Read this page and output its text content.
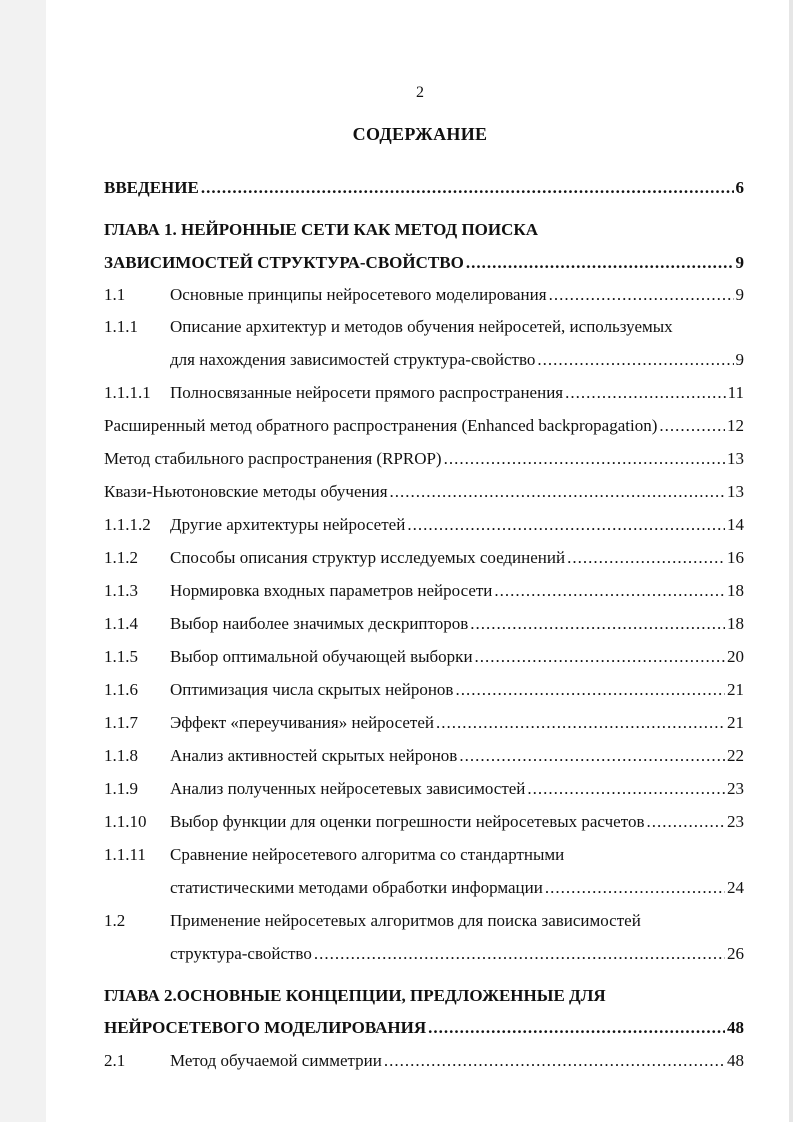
2
СОДЕРЖАНИЕ
ВВЕДЕНИЕ .....	6
ГЛАВА 1. НЕЙРОННЫЕ СЕТИ КАК МЕТОД ПОИСКА
ЗАВИСИМОСТЕЙ СТРУКТУРА-СВОЙСТВО .....	9
1.1	Основные принципы нейросетевого моделирования .....	9
1.1.1	Описание архитектур и методов обучения нейросетей, используемых
для нахождения зависимостей структура-свойство .....	9
1.1.1.1	Полносвязанные нейросети прямого распространения .....	11
Расширенный метод обратного распространения (Enhanced backpropagation) .....	12
Метод стабильного распространения (RPROP) .....	13
Квази-Ньютоновские методы обучения .....	13
1.1.1.2	Другие архитектуры нейросетей .....	14
1.1.2	Способы описания структур исследуемых соединений .....	16
1.1.3	Нормировка входных параметров нейросети .....	18
1.1.4	Выбор наиболее значимых дескрипторов .....	18
1.1.5	Выбор оптимальной обучающей выборки .....	20
1.1.6	Оптимизация числа скрытых нейронов .....	21
1.1.7	Эффект «переучивания» нейросетей .....	21
1.1.8	Анализ активностей скрытых нейронов .....	22
1.1.9	Анализ полученных нейросетевых зависимостей .....	23
1.1.10	Выбор функции для оценки погрешности нейросетевых расчетов .....	23
1.1.11	Сравнение нейросетевого алгоритма со стандартными
статистическими методами обработки информации .....	24
1.2	Применение нейросетевых алгоритмов для поиска зависимостей
структура-свойство .....	26
ГЛАВА 2.ОСНОВНЫЕ КОНЦЕПЦИИ, ПРЕДЛОЖЕННЫЕ ДЛЯ
НЕЙРОСЕТЕВОГО МОДЕЛИРОВАНИЯ .....	48
2.1	Метод обучаемой симметрии .....	48
